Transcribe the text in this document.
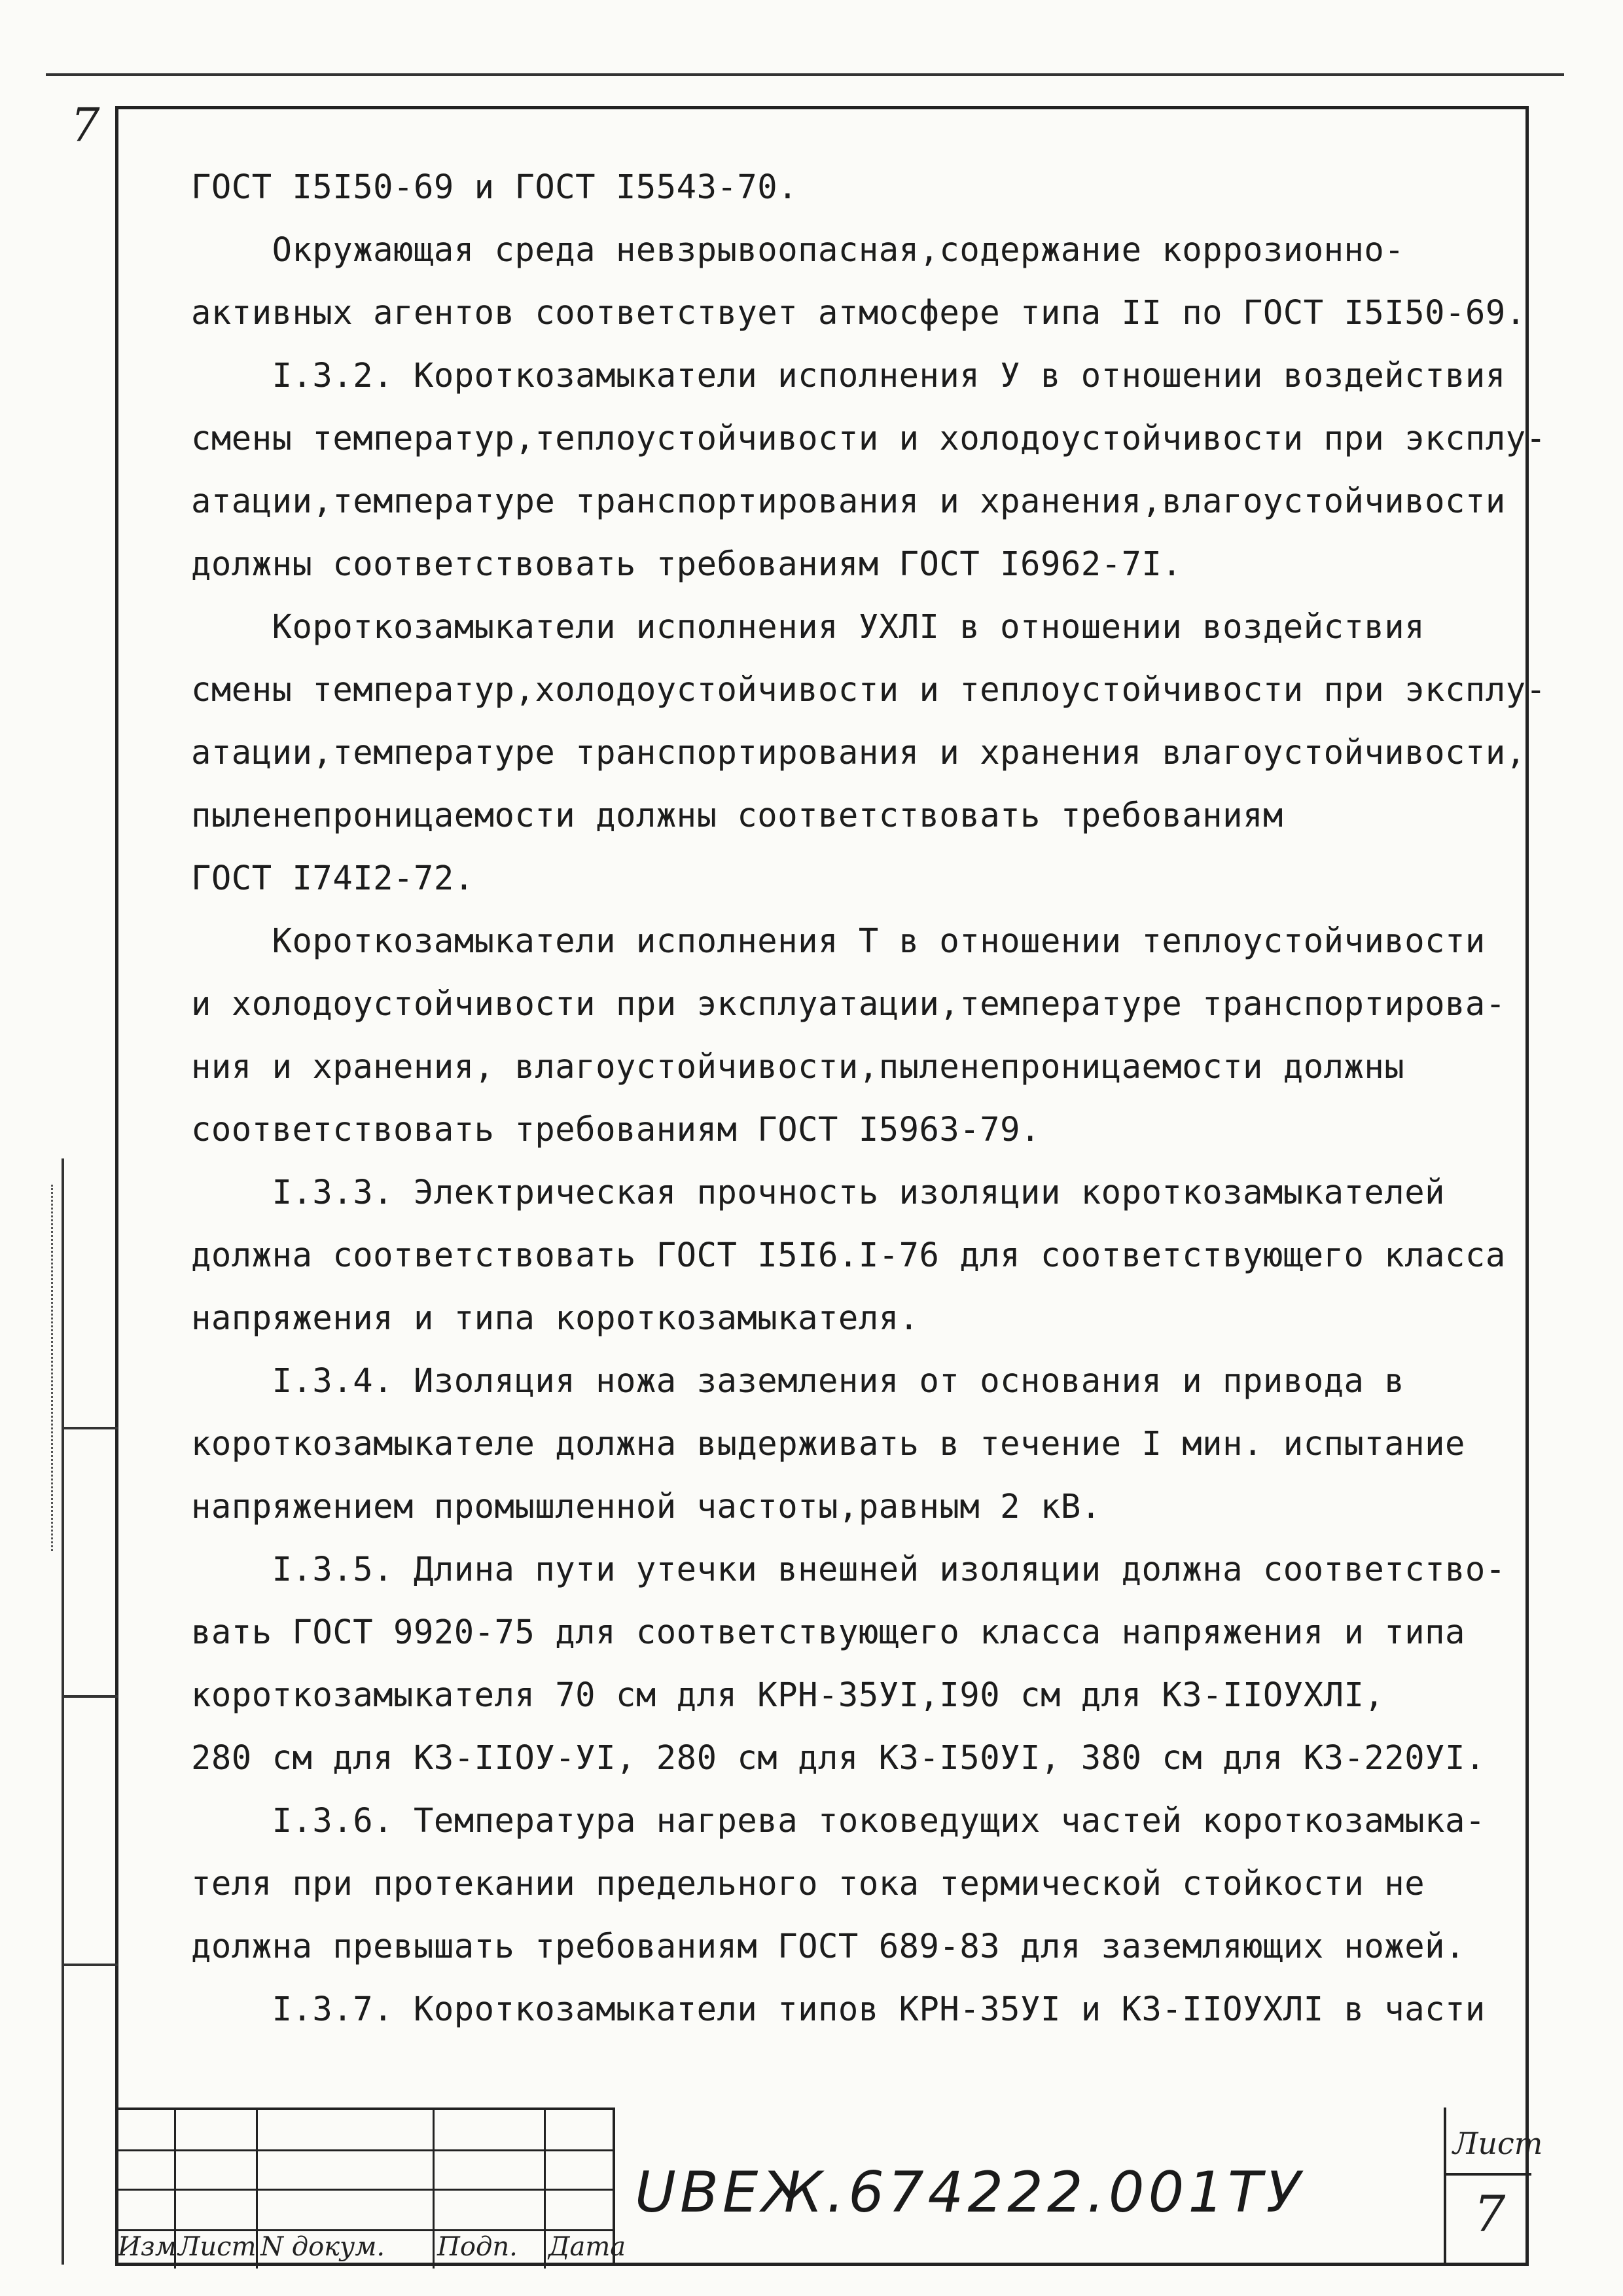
7

ГОСТ I5I50-69 и ГОСТ I5543-70.

Окружающая среда невзрывоопасная,содержание коррозионно-

активных агентов соответствует атмосфере типа II по ГОСТ I5I50-69.

I.3.2. Короткозамыкатели исполнения У в отношении воздействия

смены температур,теплоустойчивости и холодоустойчивости при эксплу-

атации,температуре транспортирования и хранения,влагоустойчивости

должны соответствовать требованиям ГОСТ I6962-7I.

Короткозамыкатели исполнения УХЛI в отношении воздействия

смены температур,холодоустойчивости и теплоустойчивости при эксплу-

атации,температуре транспортирования и хранения влагоустойчивости,

пыленепроницаемости должны соответствовать требованиям

ГОСТ I74I2-72.

Короткозамыкатели исполнения Т в отношении теплоустойчивости

и холодоустойчивости при эксплуатации,температуре транспортирова-

ния и хранения, влагоустойчивости,пыленепроницаемости должны

соответствовать требованиям ГОСТ I5963-79.

I.3.3. Электрическая прочность изоляции короткозамыкателей

должна соответствовать ГОСТ I5I6.I-76 для соответствующего класса

напряжения и типа короткозамыкателя.

I.3.4. Изоляция ножа заземления от основания и привода в

короткозамыкателе должна выдерживать в течение I мин. испытание

напряжением промышленной частоты,равным 2 кВ.

I.3.5. Длина пути утечки внешней изоляции должна соответство-

вать ГОСТ 9920-75 для соответствующего класса напряжения и типа

короткозамыкателя 70 см для КРН-35УI,I90 см для КЗ-IIОУХЛI,

280 см для КЗ-IIОУ-УI, 280 см для КЗ-I50УI, 380 см для КЗ-220УI.

I.3.6. Температура нагрева токоведущих частей короткозамыка-

теля при протекании предельного тока термической стойкости не

должна превышать требованиям ГОСТ 689-83 для заземляющих ножей.

I.3.7. Короткозамыкатели типов КРН-35УI и КЗ-IIОУХЛI в части

Изм Лист N докум. Подп. Дата
UBEЖ.674222.001ТУ
Лист
7
